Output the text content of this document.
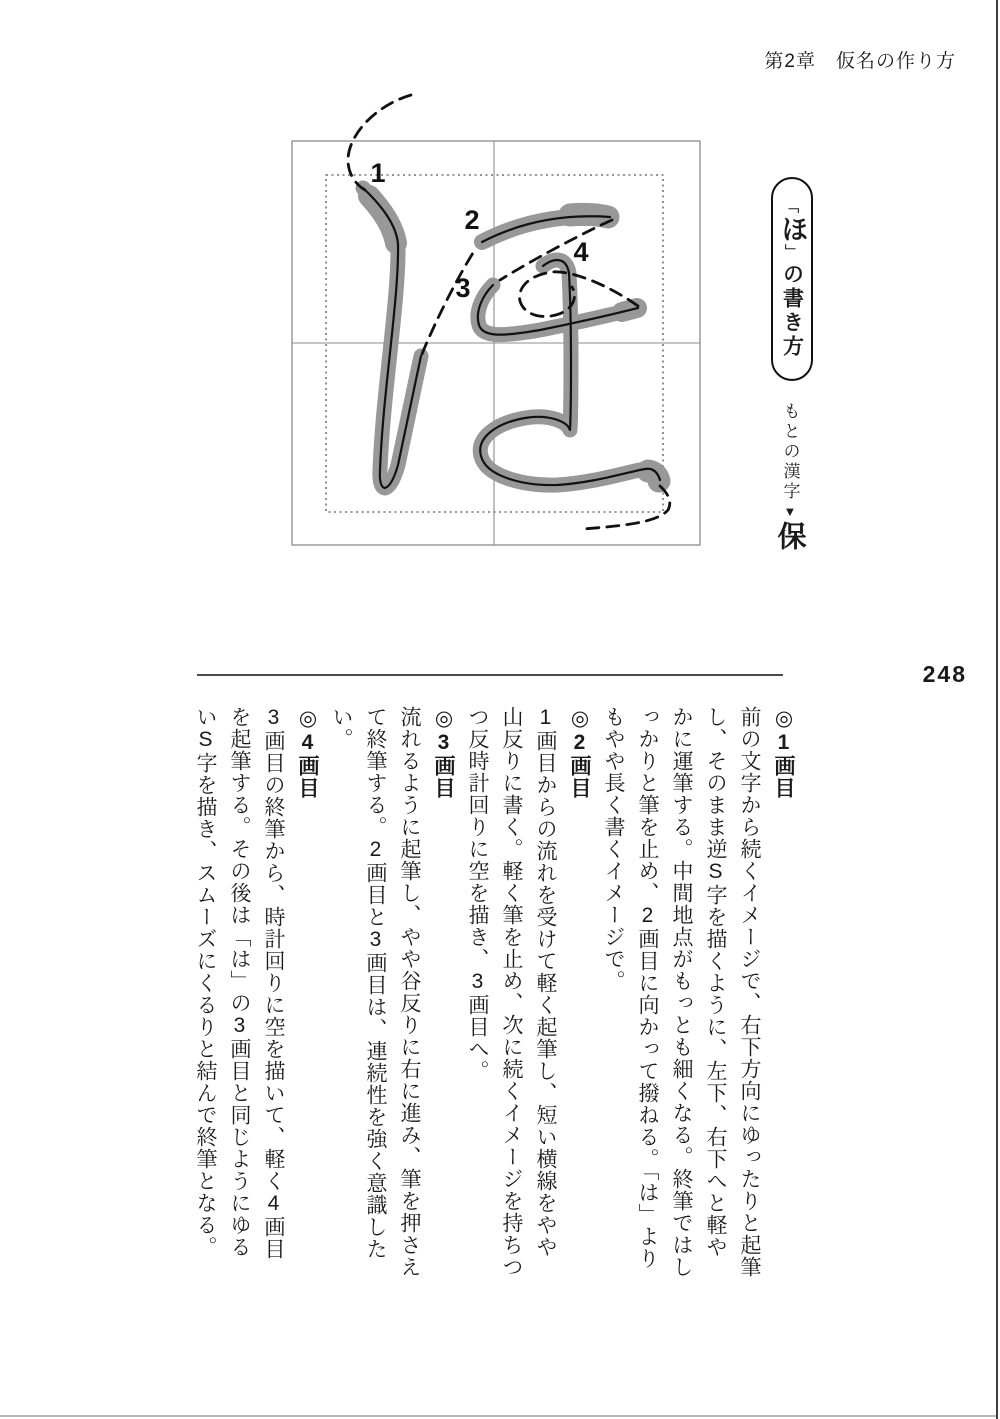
第2章　仮名の作り方
1
2
3
4
「
ほ
」
の書き方
もとの漢字▼保
248
◎1画目

前の文字から続くイメージで、右下方向にゆったりと起筆し、そのまま逆S字を描くように、左下、右下へと軽やかに運筆する。中間地点がもっとも細くなる。終筆ではしっかりと筆を止め、2画目に向かって撥ねる。「は」よりもやや長く書くイメージで。

◎2画目

1画目からの流れを受けて軽く起筆し、短い横線をやや山反りに書く。軽く筆を止め、次に続くイメージを持ちつつ反時計回りに空を描き、3画目へ。

◎3画目

流れるように起筆し、やや谷反りに右に進み、筆を押さえて終筆する。2画目と3画目は、連続性を強く意識したい。

◎4画目

3画目の終筆から、時計回りに空を描いて、軽く4画目を起筆する。その後は「は」の3画目と同じようにゆるいS字を描き、スムーズにくるりと結んで終筆となる。
